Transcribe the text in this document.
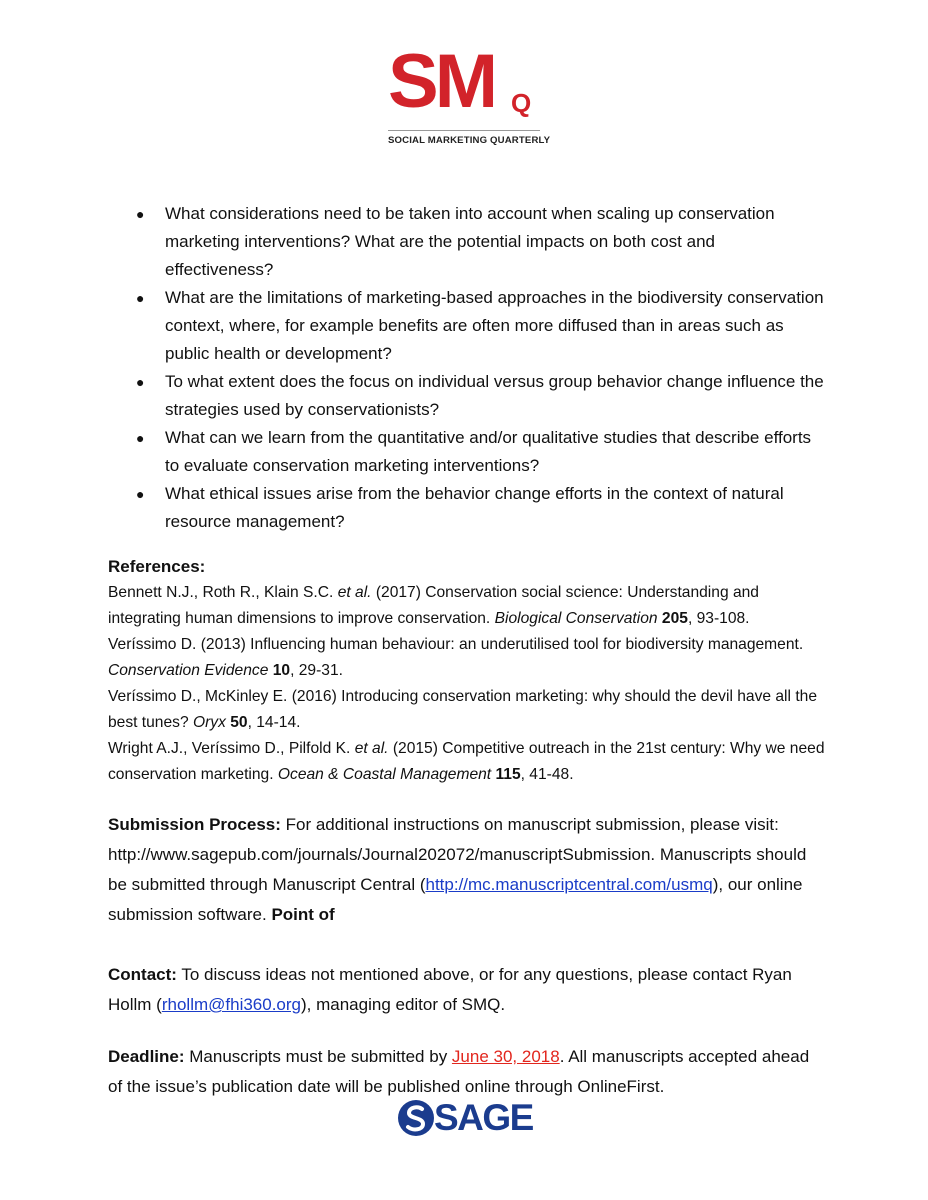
SM Q
SOCIAL MARKETING QUARTERLY
● What considerations need to be taken into account when scaling up conservation marketing interventions? What are the potential impacts on both cost and effectiveness?
● What are the limitations of marketing-based approaches in the biodiversity conservation context, where, for example benefits are often more diffused than in areas such as public health or development?
● To what extent does the focus on individual versus group behavior change influence the strategies used by conservationists?
● What can we learn from the quantitative and/or qualitative studies that describe efforts to evaluate conservation marketing interventions?
● What ethical issues arise from the behavior change efforts in the context of natural resource management?
References:
Bennett N.J., Roth R., Klain S.C. et al. (2017) Conservation social science: Understanding and integrating human dimensions to improve conservation. Biological Conservation 205, 93-108.
Veríssimo D. (2013) Influencing human behaviour: an underutilised tool for biodiversity management. Conservation Evidence 10, 29-31.
Veríssimo D., McKinley E. (2016) Introducing conservation marketing: why should the devil have all the best tunes? Oryx 50, 14-14.
Wright A.J., Veríssimo D., Pilfold K. et al. (2015) Competitive outreach in the 21st century: Why we need conservation marketing. Ocean & Coastal Management 115, 41-48.
Submission Process: For additional instructions on manuscript submission, please visit: http://www.sagepub.com/journals/Journal202072/manuscriptSubmission. Manuscripts should be submitted through Manuscript Central (http://mc.manuscriptcentral.com/usmq), our online submission software. Point of
Contact: To discuss ideas not mentioned above, or for any questions, please contact Ryan Hollm (rhollm@fhi360.org), managing editor of SMQ.
Deadline: Manuscripts must be submitted by June 30, 2018. All manuscripts accepted ahead of the issue’s publication date will be published online through OnlineFirst.
SAGE
